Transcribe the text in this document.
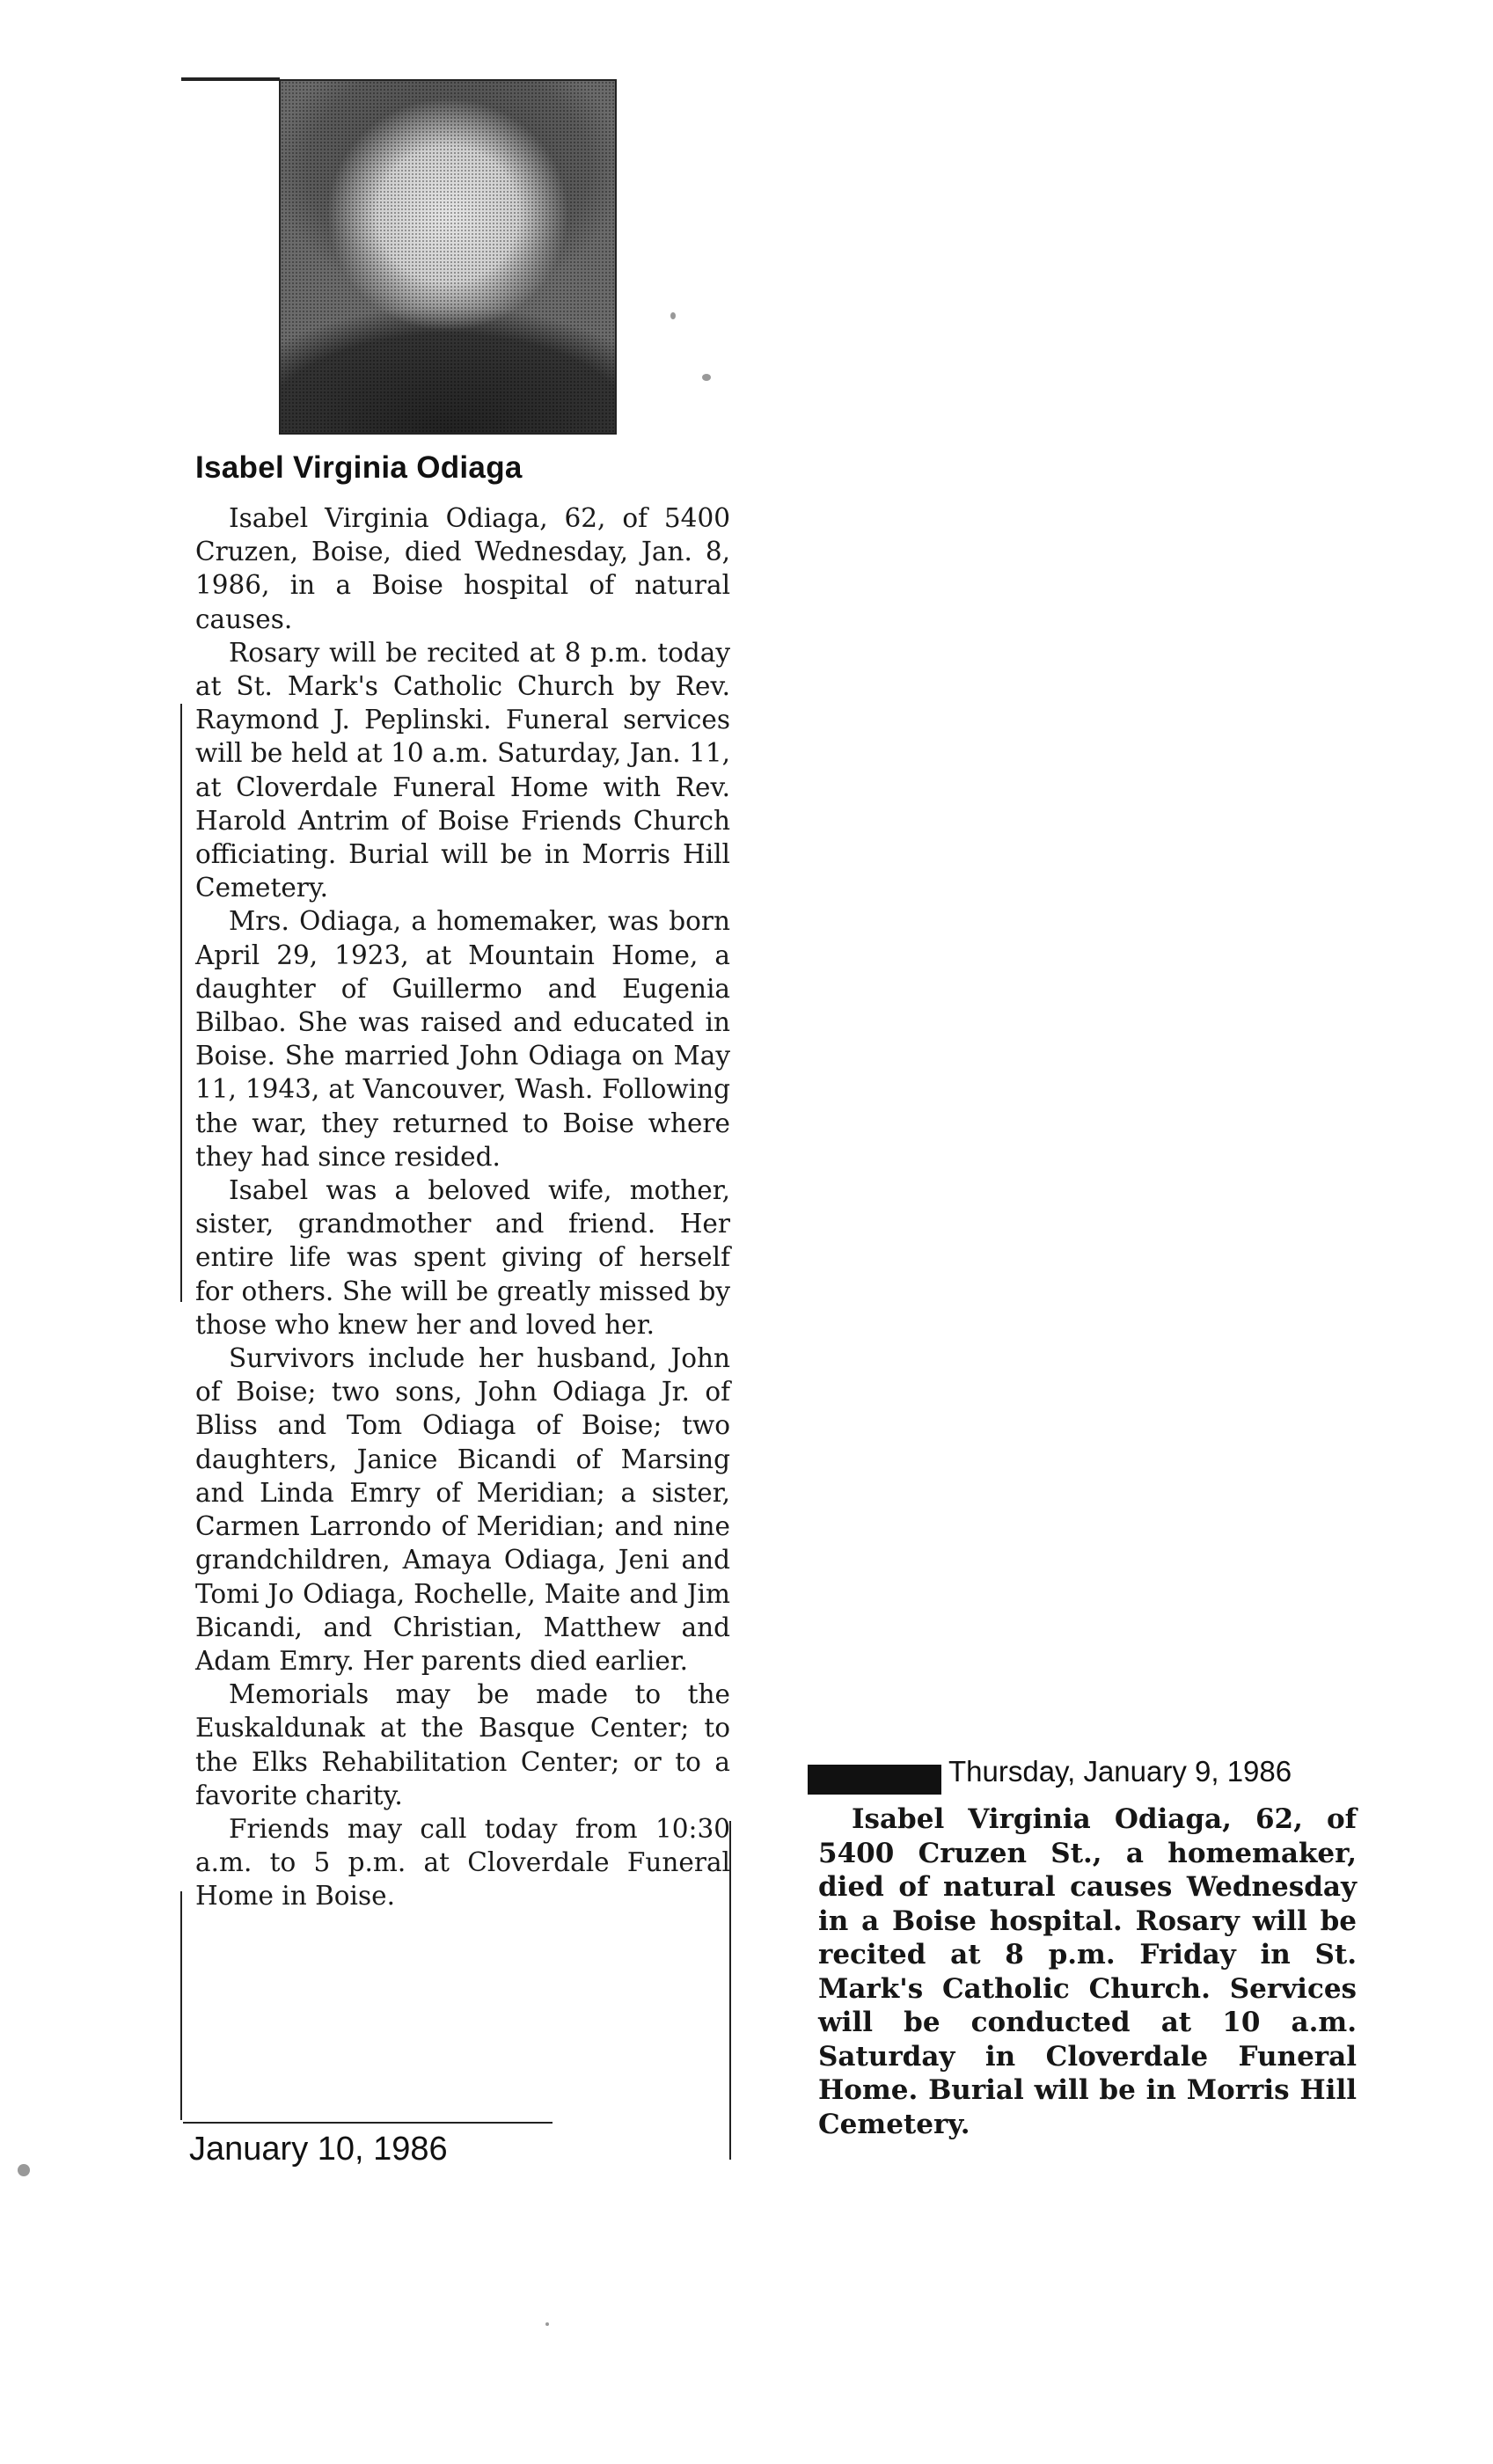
Isabel Virginia Odiaga

Isabel Virginia Odiaga, 62, of 5400 Cruzen, Boise, died Wednesday, Jan. 8, 1986, in a Boise hospital of natural causes.

Rosary will be recited at 8 p.m. today at St. Mark's Catholic Church by Rev. Raymond J. Peplinski. Funeral services will be held at 10 a.m. Saturday, Jan. 11, at Cloverdale Funeral Home with Rev. Harold Antrim of Boise Friends Church officiating. Burial will be in Morris Hill Cemetery.

Mrs. Odiaga, a homemaker, was born April 29, 1923, at Mountain Home, a daughter of Guillermo and Eugenia Bilbao. She was raised and educated in Boise. She married John Odiaga on May 11, 1943, at Vancouver, Wash. Following the war, they returned to Boise where they had since resided.

Isabel was a beloved wife, mother, sister, grandmother and friend. Her entire life was spent giving of herself for others. She will be greatly missed by those who knew her and loved her.

Survivors include her husband, John of Boise; two sons, John Odiaga Jr. of Bliss and Tom Odiaga of Boise; two daughters, Janice Bicandi of Marsing and Linda Emry of Meridian; a sister, Carmen Larrondo of Meridian; and nine grandchildren, Amaya Odiaga, Jeni and Tomi Jo Odiaga, Rochelle, Maite and Jim Bicandi, and Christian, Matthew and Adam Emry. Her parents died earlier.

Memorials may be made to the Euskaldunak at the Basque Center; to the Elks Rehabilitation Center; or to a favorite charity.

Friends may call today from 10:30 a.m. to 5 p.m. at Cloverdale Funeral Home in Boise.

January 10, 1986

Thursday, January 9, 1986

Isabel Virginia Odiaga, 62, of 5400 Cruzen St., a homemaker, died of natural causes Wednesday in a Boise hospital. Rosary will be recited at 8 p.m. Friday in St. Mark's Catholic Church. Services will be conducted at 10 a.m. Saturday in Cloverdale Funeral Home. Burial will be in Morris Hill Cemetery.
